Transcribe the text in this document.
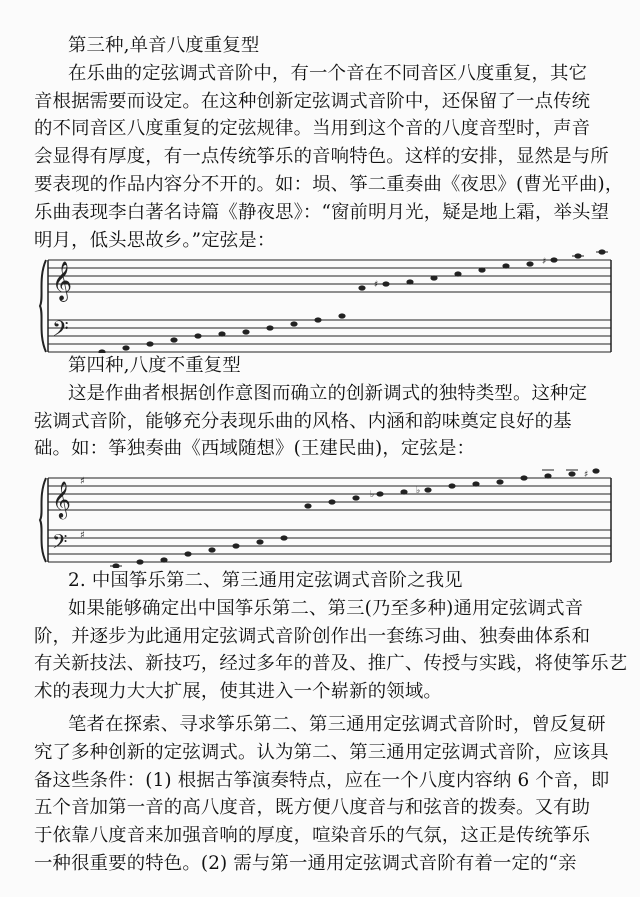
第三种,单音八度重复型

在乐曲的定弦调式音阶中，有一个音在不同音区八度重复，其它

音根据需要而设定。在这种创新定弦调式音阶中，还保留了一点传统

的不同音区八度重复的定弦规律。当用到这个音的八度音型时，声音

会显得有厚度，有一点传统筝乐的音响特色。这样的安排，显然是与所

要表现的作品内容分不开的。如：埙、筝二重奏曲《夜思》(曹光平曲)，

乐曲表现李白著名诗篇《静夜思》：“窗前明月光，疑是地上霜，举头望

明月，低头思故乡。”定弦是：

𝄞
𝄢
♯
♯

第四种,八度不重复型

这是作曲者根据创作意图而确立的创新调式的独特类型。这种定

弦调式音阶，能够充分表现乐曲的风格、内涵和韵味奠定良好的基

础。如：筝独奏曲《西域随想》(王建民曲)，定弦是：

𝄞
𝄢
♯
♯
♭	♭
♯

2. 中国筝乐第二、第三通用定弦调式音阶之我见

如果能够确定出中国筝乐第二、第三(乃至多种)通用定弦调式音

阶，并逐步为此通用定弦调式音阶创作出一套练习曲、独奏曲体系和

有关新技法、新技巧，经过多年的普及、推广、传授与实践，将使筝乐艺

术的表现力大大扩展，使其进入一个崭新的领域。

笔者在探索、寻求筝乐第二、第三通用定弦调式音阶时，曾反复研

究了多种创新的定弦调式。认为第二、第三通用定弦调式音阶，应该具

备这些条件：(1) 根据古筝演奏特点，应在一个八度内容纳 6 个音，即

五个音加第一音的高八度音，既方便八度音与和弦音的拨奏。又有助

于依靠八度音来加强音响的厚度，喧染音乐的气氛，这正是传统筝乐

一种很重要的特色。(2) 需与第一通用定弦调式音阶有着一定的“亲
